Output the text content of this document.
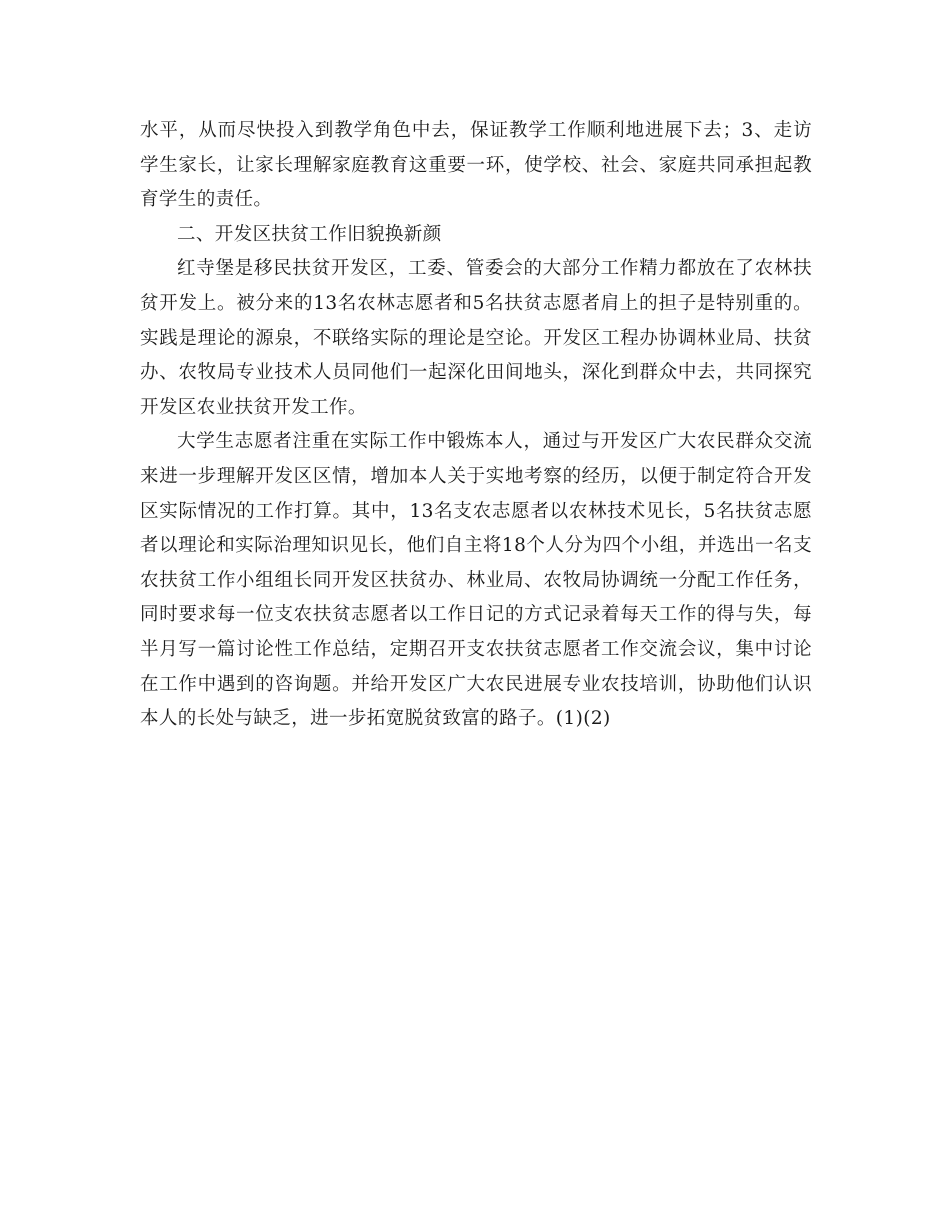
水平，从而尽快投入到教学角色中去，保证教学工作顺利地进展下去；3、走访学生家长，让家长理解家庭教育这重要一环，使学校、社会、家庭共同承担起教育学生的责任。

二、开发区扶贫工作旧貌换新颜

红寺堡是移民扶贫开发区，工委、管委会的大部分工作精力都放在了农林扶贫开发上。被分来的13名农林志愿者和5名扶贫志愿者肩上的担子是特别重的。实践是理论的源泉，不联络实际的理论是空论。开发区工程办协调林业局、扶贫办、农牧局专业技术人员同他们一起深化田间地头，深化到群众中去，共同探究开发区农业扶贫开发工作。

大学生志愿者注重在实际工作中锻炼本人，通过与开发区广大农民群众交流来进一步理解开发区区情，增加本人关于实地考察的经历，以便于制定符合开发区实际情况的工作打算。其中，13名支农志愿者以农林技术见长，5名扶贫志愿者以理论和实际治理知识见长，他们自主将18个人分为四个小组，并选出一名支农扶贫工作小组组长同开发区扶贫办、林业局、农牧局协调统一分配工作任务，同时要求每一位支农扶贫志愿者以工作日记的方式记录着每天工作的得与失，每半月写一篇讨论性工作总结，定期召开支农扶贫志愿者工作交流会议，集中讨论在工作中遇到的咨询题。并给开发区广大农民进展专业农技培训，协助他们认识本人的长处与缺乏，进一步拓宽脱贫致富的路子。(1)(2)
